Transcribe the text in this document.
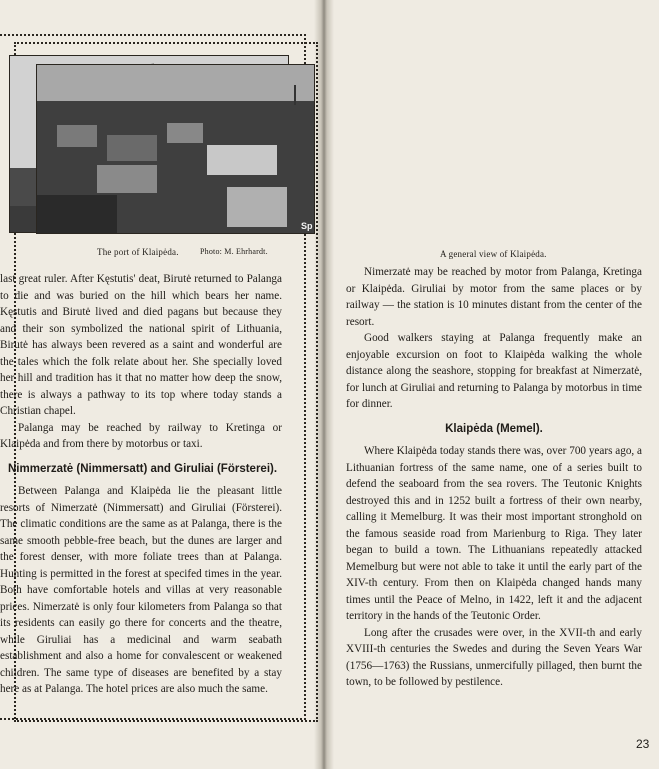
The port of Klaipėda.	Photo: M. Ehrhardt.
Sp
A general view of Klaipėda.

last great ruler. After Kęstutis' deat, Birutė returned to Palanga to die and was buried on the hill which bears her name. Kęstutis and Birutė lived and died pagans but because they and their son symbolized the national spirit of Lithuania, Birutė has always been revered as a saint and wonderful are the tales which the folk relate about her. She specially loved her hill and tradition has it that no matter how deep the snow, there is always a pathway to its top where today stands a Christian chapel.

Palanga may be reached by railway to Kretinga or Klaipėda and from there by motorbus or taxi.

Nimmerzatė (Nimmersatt) and Giruliai (Försterei).

Between Palanga and Klaipėda lie the pleasant little resorts of Nimerzatė (Nimmersatt) and Giruliai (Försterei). The climatic conditions are the same as at Palanga, there is the same smooth pebble-free beach, but the dunes are larger and the forest denser, with more foliate trees than at Palanga. Hunting is permitted in the forest at specifed times in the year. Both have comfortable hotels and villas at very reasonable prices. Nimerzatė is only four kilometers from Palanga so that its residents can easily go there for concerts and the theatre, while Giruliai has a medicinal and warm seabath establishment and also a home for convalescent or weakened children. The same type of diseases are benefited by a stay here as at Palanga. The hotel prices are also much the same.

Nimerzatė may be reached by motor from Palanga, Kretinga or Klaipėda. Giruliai by motor from the same places or by railway — the station is 10 minutes distant from the center of the resort.

Good walkers staying at Palanga frequently make an enjoyable excursion on foot to Klaipėda walking the whole distance along the seashore, stopping for breakfast at Nimerzatė, for lunch at Giruliai and returning to Palanga by motorbus in time for dinner.

Klaipėda (Memel).

Where Klaipėda today stands there was, over 700 years ago, a Lithuanian fortress of the same name, one of a series built to defend the seaboard from the sea rovers. The Teutonic Knights destroyed this and in 1252 built a fortress of their own nearby, calling it Memelburg. It was their most important stronghold on the famous seaside road from Marienburg to Riga. They later began to build a town. The Lithuanians repeatedly attacked Memelburg but were not able to take it until the early part of the XIV-th century. From then on Klaipėda changed hands many times until the Peace of Melno, in 1422, left it and the adjacent territory in the hands of the Teutonic Order.

Long after the crusades were over, in the XVII-th and early XVIII-th centuries the Swedes and during the Seven Years War (1756—1763) the Russians, unmercifully pillaged, then burnt the town, to be followed by pestilence.

23
